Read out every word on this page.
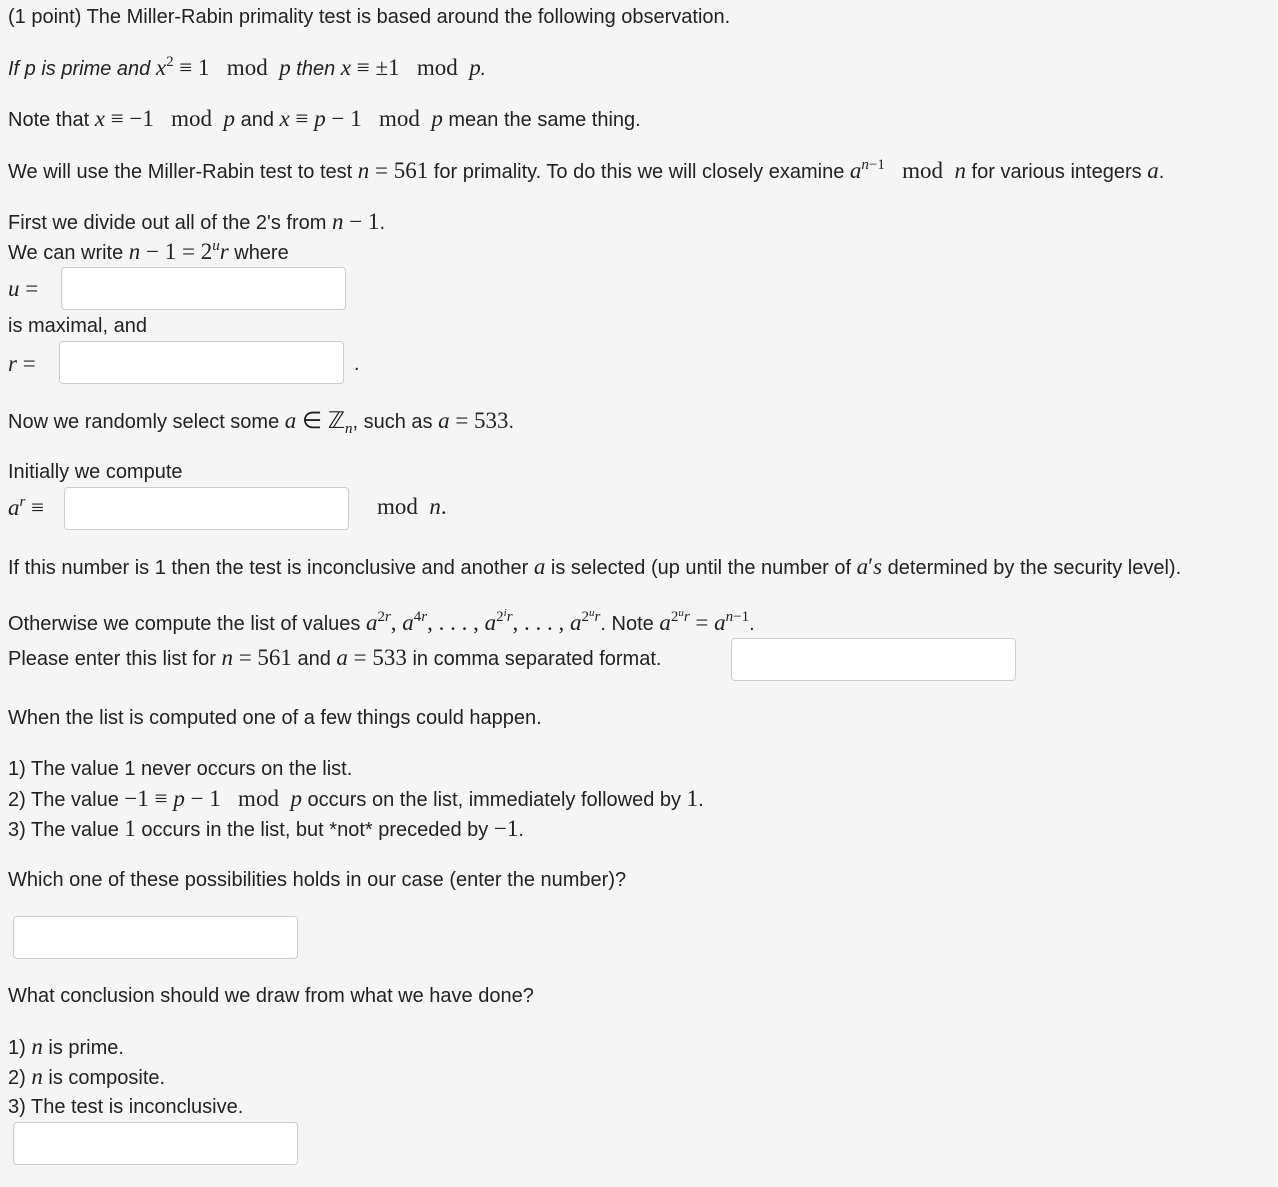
(1 point) The Miller-Rabin primality test is based around the following observation.
If p is prime and $x^2 \equiv 1$   mod  p then x ≡ ±1   mod  p.
Note that x ≡ −1   mod  p and x ≡ p − 1   mod  p mean the same thing.
We will use the Miller-Rabin test to test n = 561 for primality. To do this we will closely examine $a^{n-1}$   mod  n for various integers a.
First we divide out all of the 2's from n − 1.
We can write $n - 1 = 2^ur$ where
u =
is maximal, and
r =	.
Now we randomly select some a ∈ ℤ$_n$, such as a = 533.
Initially we compute
$a^r$ ≡	mod  n.
If this number is 1 then the test is inconclusive and another a is selected (up until the number of a′s determined by the security level).
Otherwise we compute the list of values $a^{2r}$, $a^{4r}$, . . . , $a^{2^ir}$, . . . , $a^{2^ur}$. Note $a^{2^ur} = a^{n-1}$.
Please enter this list for n = 561 and a = 533 in comma separated format.
When the list is computed one of a few things could happen.
1) The value 1 never occurs on the list.
2) The value −1 ≡ p − 1   mod  p occurs on the list, immediately followed by 1.
3) The value 1 occurs in the list, but *not* preceded by −1.
Which one of these possibilities holds in our case (enter the number)?
What conclusion should we draw from what we have done?
1) n is prime.
2) n is composite.
3) The test is inconclusive.
